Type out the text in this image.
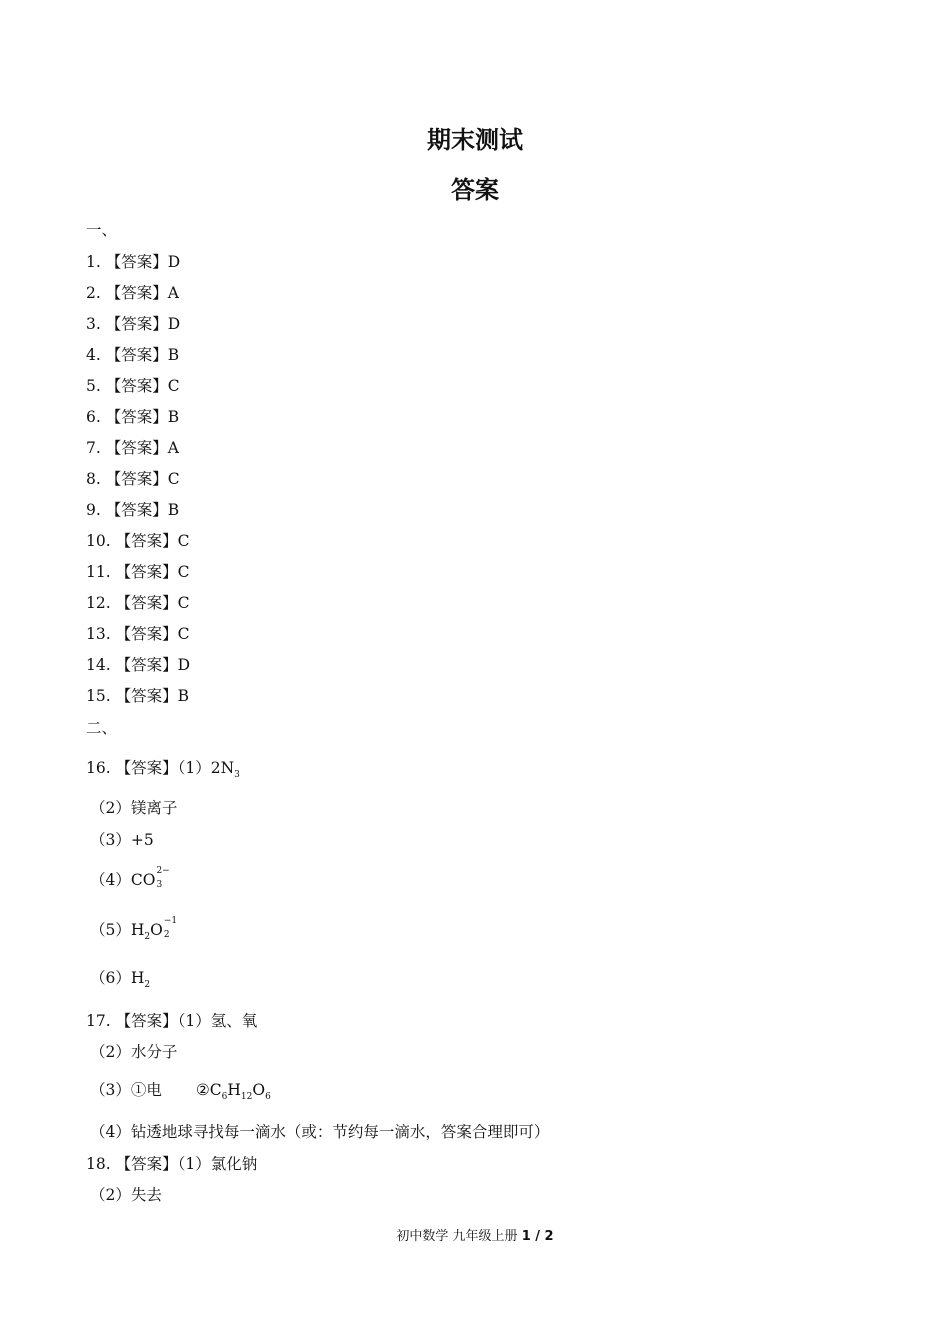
期末测试
答案
一、
1. 【答案】D
2. 【答案】A
3. 【答案】D
4. 【答案】B
5. 【答案】C
6. 【答案】B
7. 【答案】A
8. 【答案】C
9. 【答案】B
10. 【答案】C
11. 【答案】C
12. 【答案】C
13. 【答案】C
14. 【答案】D
15. 【答案】B
二、
16. 【答案】$(1)2N_3$
（2）镁离子
（3）+5
（4）CO 2−
3
$(5)H_2O -1$
2
$(6)H_2$
17. 【答案】（1）氢、氧
（2）水分子
（3）①电 $②C_6H_{12}O_6$
（4）钻透地球寻找每一滴水（或：节约每一滴水，答案合理即可）
18. 【答案】（1）氯化钠
（2）失去
初中数学 九年级上册 1 / 2
